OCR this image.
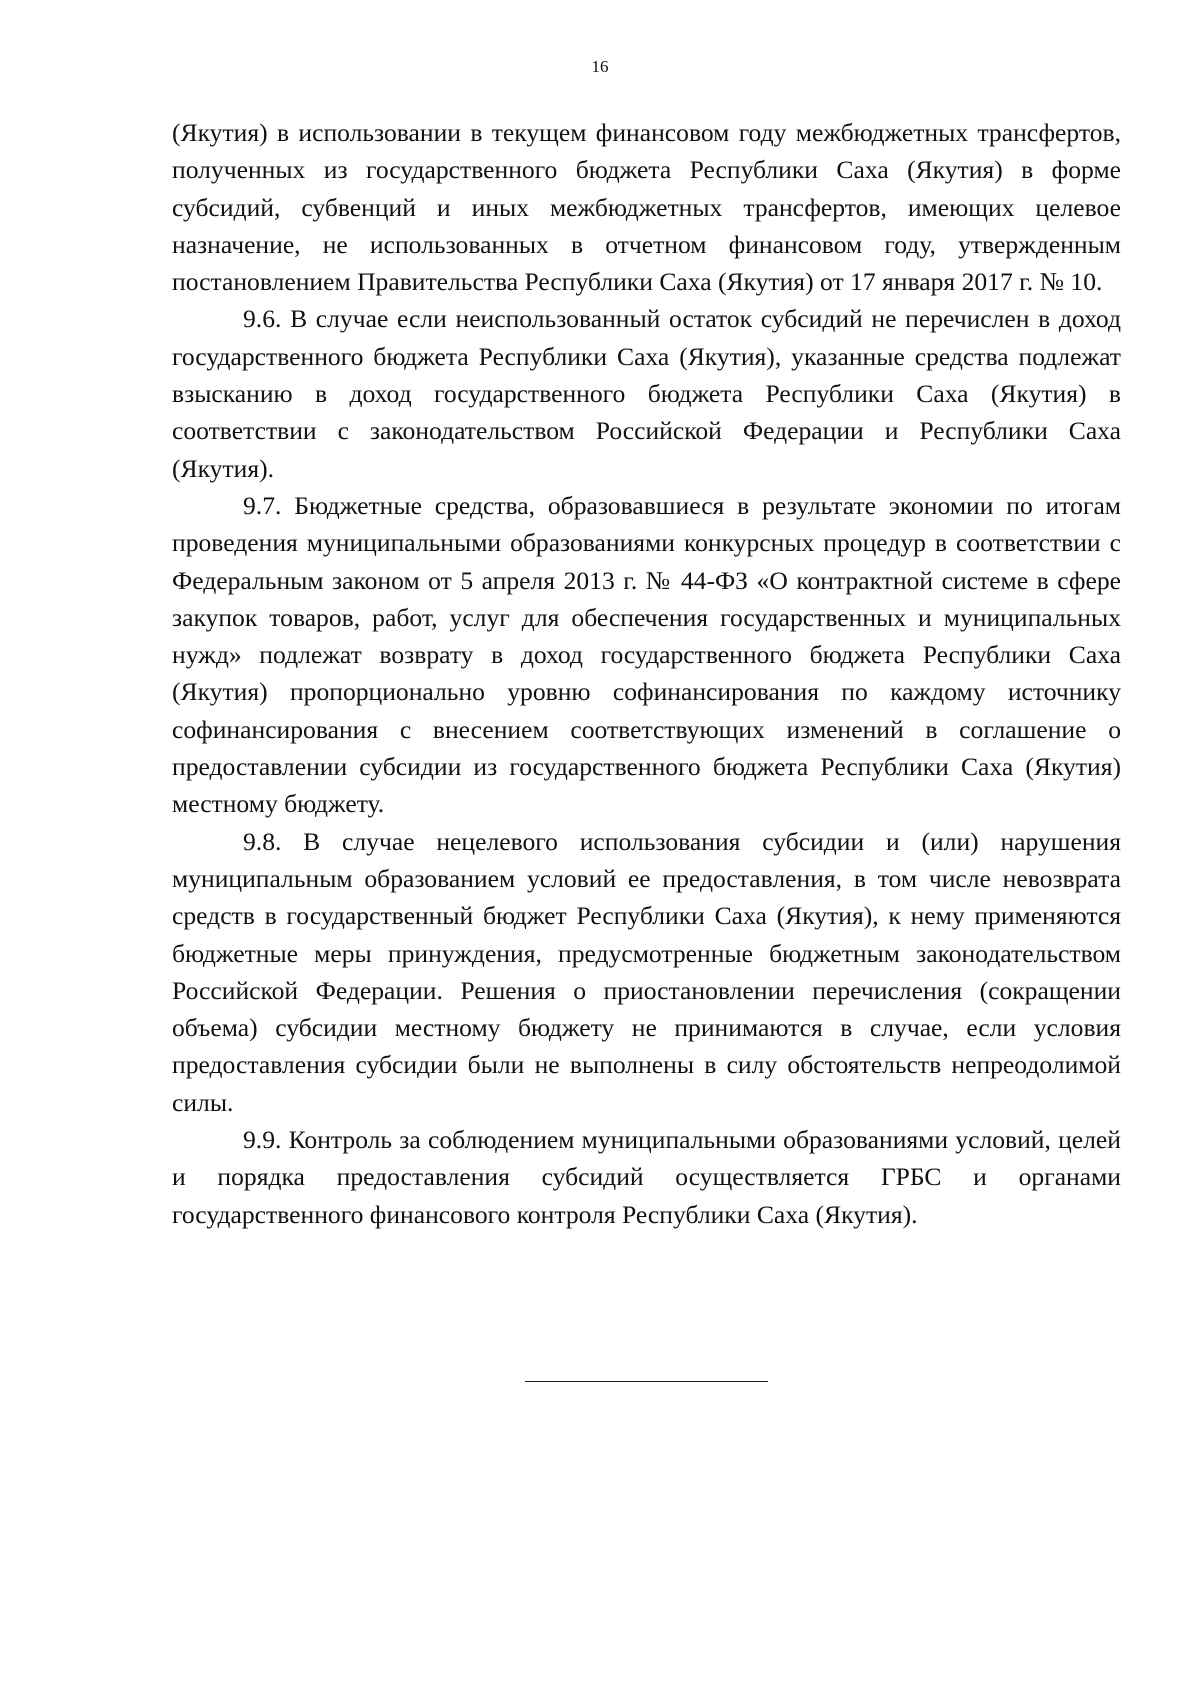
16

(Якутия) в использовании в текущем финансовом году межбюджетных трансфертов, полученных из государственного бюджета Республики Саха (Якутия) в форме субсидий, субвенций и иных межбюджетных трансфертов, имеющих целевое назначение, не использованных в отчетном финансовом году, утвержденным постановлением Правительства Республики Саха (Якутия) от 17 января 2017 г. № 10.

9.6. В случае если неиспользованный остаток субсидий не перечислен в доход государственного бюджета Республики Саха (Якутия), указанные средства подлежат взысканию в доход государственного бюджета Республики Саха (Якутия) в соответствии с законодательством Российской Федерации и Республики Саха (Якутия).

9.7. Бюджетные средства, образовавшиеся в результате экономии по итогам проведения муниципальными образованиями конкурсных процедур в соответствии с Федеральным законом от 5 апреля 2013 г. № 44-ФЗ «О контрактной системе в сфере закупок товаров, работ, услуг для обеспечения государственных и муниципальных нужд» подлежат возврату в доход государственного бюджета Республики Саха (Якутия) пропорционально уровню софинансирования по каждому источнику софинансирования с внесением соответствующих изменений в соглашение о предоставлении субсидии из государственного бюджета Республики Саха (Якутия) местному бюджету.

9.8. В случае нецелевого использования субсидии и (или) нарушения муниципальным образованием условий ее предоставления, в том числе невозврата средств в государственный бюджет Республики Саха (Якутия), к нему применяются бюджетные меры принуждения, предусмотренные бюджетным законодательством Российской Федерации. Решения о приостановлении перечисления (сокращении объема) субсидии местному бюджету не принимаются в случае, если условия предоставления субсидии были не выполнены в силу обстоятельств непреодолимой силы.

9.9. Контроль за соблюдением муниципальными образованиями условий, целей и порядка предоставления субсидий осуществляется ГРБС и органами государственного финансового контроля Республики Саха (Якутия).
